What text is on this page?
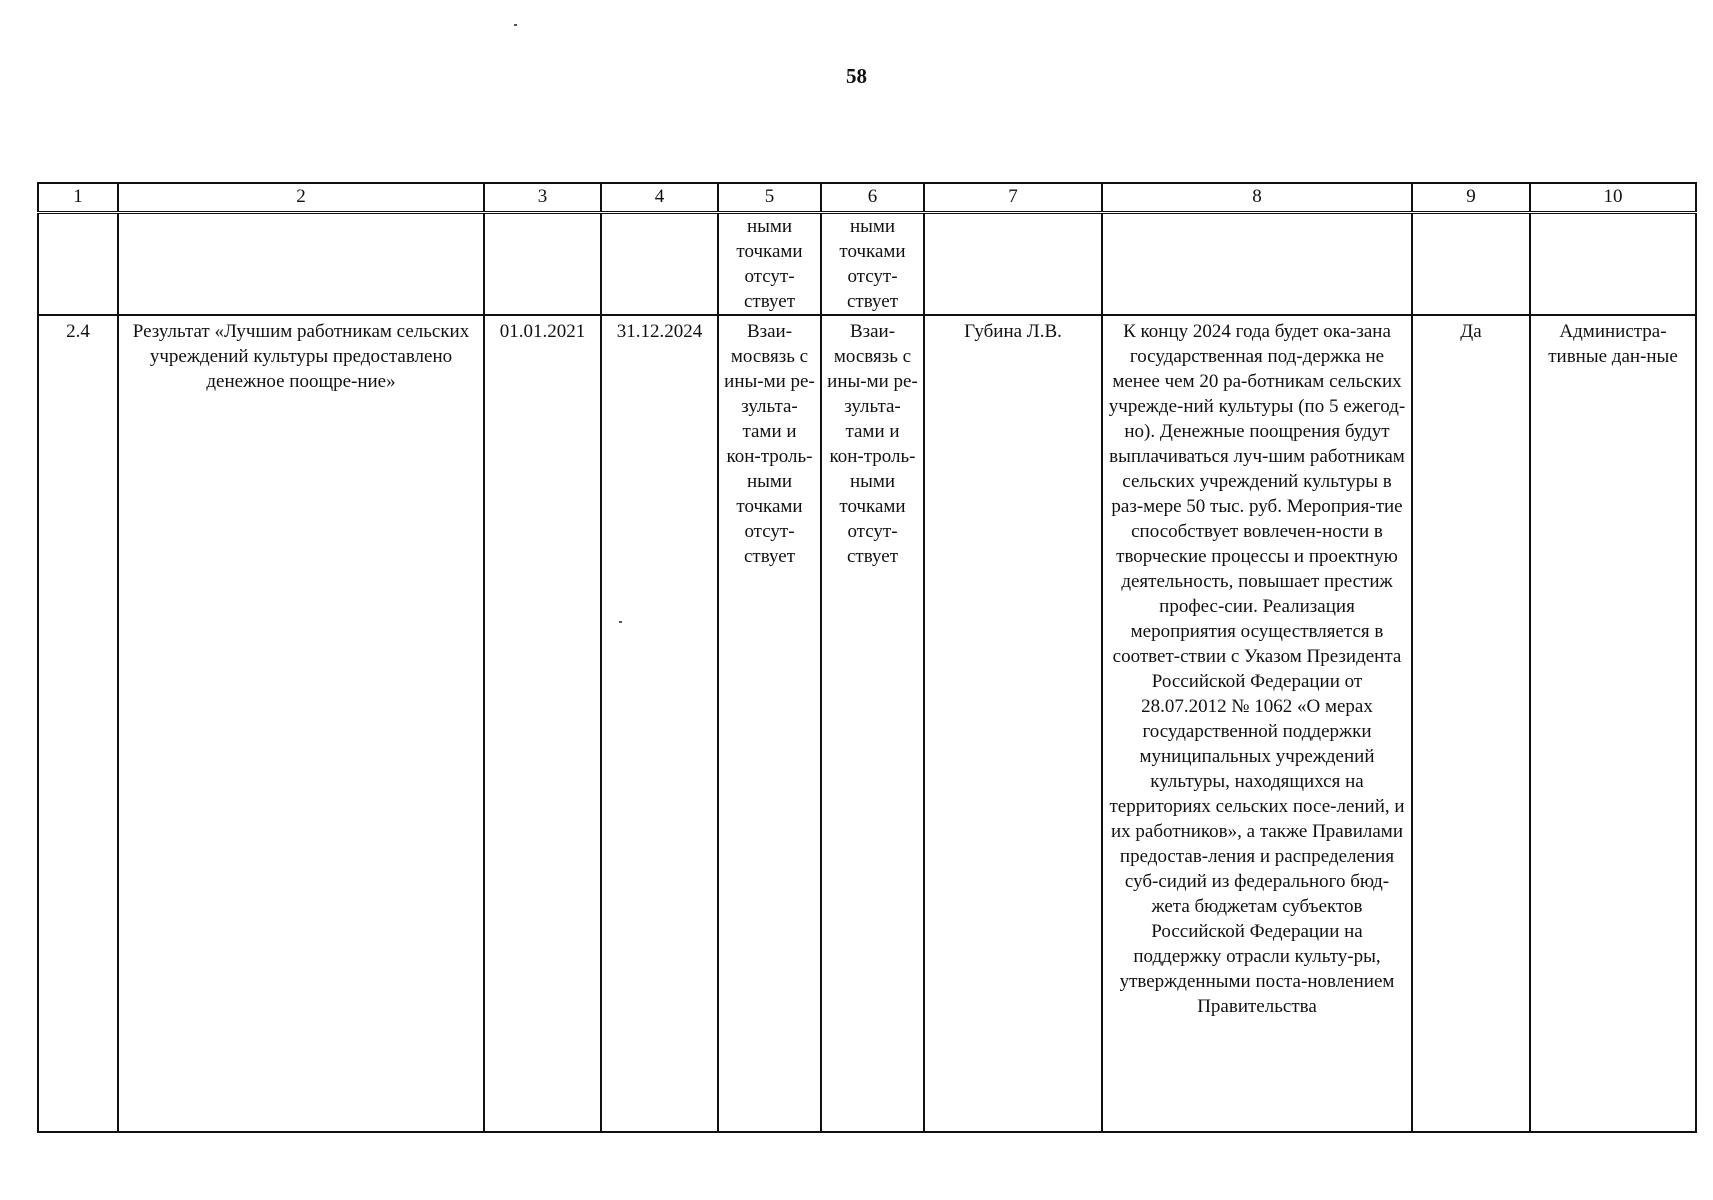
58
1	2	3	4	5	6	7	8	9	10
				ными точками отсут-ствует	ными точками отсут-ствует				
2.4	Результат «Лучшим работникам сельских учреждений культуры предоставлено денежное поощре-ние»	01.01.2021	31.12.2024	Взаи-мосвязь с ины-ми ре-зульта-тами и кон-троль-ными точками отсут-ствует	Взаи-мосвязь с ины-ми ре-зульта-тами и кон-троль-ными точками отсут-ствует	Губина Л.В.	К концу 2024 года будет ока-зана государственная под-держка не менее чем 20 ра-ботникам сельских учрежде-ний культуры (по 5 ежегод-но). Денежные поощрения будут выплачиваться луч-шим работникам сельских учреждений культуры в раз-мере 50 тыс. руб. Мероприя-тие способствует вовлечен-ности в творческие процессы и проектную деятельность, повышает престиж профес-сии. Реализация мероприятия осуществляется в соответ-ствии с Указом Президента Российской Федерации от 28.07.2012 № 1062 «О мерах государственной поддержки муниципальных учреждений культуры, находящихся на территориях сельских посе-лений, и их работников», а также Правилами предостав-ления и распределения суб-сидий из федерального бюд-жета бюджетам субъектов Российской Федерации на поддержку отрасли культу-ры, утвержденными поста-новлением Правительства	Да	Администра-тивные дан-ные
